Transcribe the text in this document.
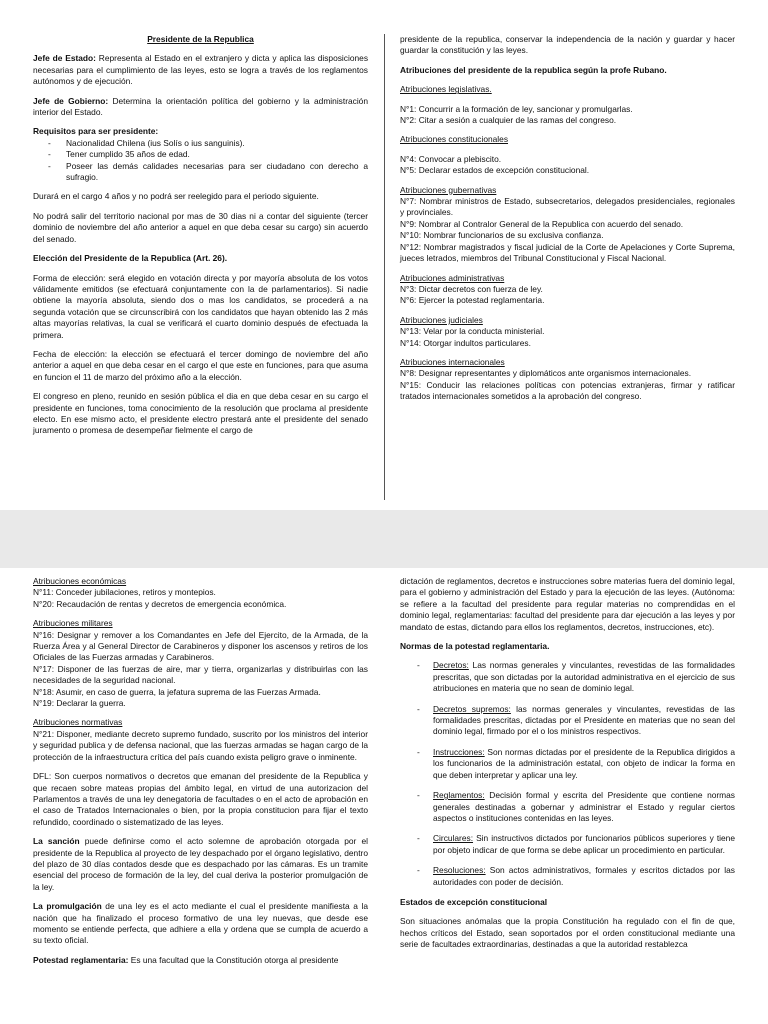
Presidente de la Republica

Jefe de Estado: Representa al Estado en el extranjero y dicta y aplica las disposiciones necesarias para el cumplimiento de las leyes, esto se logra a través de los reglamentos autónomos y de ejecución.

Jefe de Gobierno: Determina la orientación política del gobierno y la administración interior del Estado.

Requisitos para ser presidente:
- Nacionalidad Chilena (ius Solís o ius sanguinis).
- Tener cumplido 35 años de edad.
- Poseer las demás calidades necesarias para ser ciudadano con derecho a sufragio.

Durará en el cargo 4 años y no podrá ser reelegido para el periodo siguiente.

No podrá salir del territorio nacional por mas de 30 dias ni a contar del siguiente (tercer dominio de noviembre del año anterior a aquel en que deba cesar su cargo) sin acuerdo del senado.

Elección del Presidente de la Republica (Art. 26).

Forma de elección: será elegido en votación directa y por mayoría absoluta de los votos válidamente emitidos (se efectuará conjuntamente con la de parlamentarios). Si nadie obtiene la mayoría absoluta, siendo dos o mas los candidatos, se procederá a na segunda votación que se circunscribirá con los candidatos que hayan obtenido las 2 más altas mayorías relativas, la cual se verificará el cuarto dominio después de efectuada la primera.

Fecha de elección: la elección se efectuará el tercer domingo de noviembre del año anterior a aquel en que deba cesar en el cargo el que este en funciones, para que asuma en funcion el 11 de marzo del próximo año a la elección.

El congreso en pleno, reunido en sesión pública el dia en que deba cesar en su cargo el presidente en funciones, toma conocimiento de la resolución que proclama al presidente electo. En ese mismo acto, el presidente electro prestará ante el presidente del senado juramento o promesa de desempeñar fielmente el cargo de

presidente de la republica, conservar la independencia de la nación y guardar y hacer guardar la constitución y las leyes.

Atribuciones del presidente de la republica según la profe Rubano.

Atribuciones legislativas.

N°1: Concurrir a la formación de ley, sancionar y promulgarlas.

N°2: Citar a sesión a cualquier de las ramas del congreso.

Atribuciones constitucionales

N°4: Convocar a plebiscito.

N°5: Declarar estados de excepción constitucional.

Atribuciones gubernativas
N°7: Nombrar ministros de Estado, subsecretarios, delegados presidenciales, regionales y provinciales.
N°9: Nombrar al Contralor General de la Republica con acuerdo del senado.
N°10: Nombrar funcionarios de su exclusiva confianza.

N°12: Nombrar magistrados y fiscal judicial de la Corte de Apelaciones y Corte Suprema, jueces letrados, miembros del Tribunal Constitucional y Fiscal Nacional.

Atribuciones administrativas
N°3: Dictar decretos con fuerza de ley.

N°6: Ejercer la potestad reglamentaria.

Atribuciones judiciales
N°13: Velar por la conducta ministerial.

N°14: Otorgar indultos particulares.

Atribuciones internacionales
N°8: Designar representantes y diplomáticos ante organismos internacionales.

N°15: Conducir las relaciones políticas con potencias extranjeras, firmar y ratificar tratados internacionales sometidos a la aprobación del congreso.

Atribuciones económicas
N°11: Conceder jubilaciones, retiros y montepios.

N°20: Recaudación de rentas y decretos de emergencia económica.

Atribuciones militares
N°16: Designar y remover a los Comandantes en Jefe del Ejercito, de la Armada, de la Ruerza Área y al General Director de Carabineros y disponer los ascensos y retiros de los Oficiales de las Fuerzas armadas y Carabineros.
N°17: Disponer de las fuerzas de aire, mar y tierra, organizarlas y distribuirlas con las necesidades de la seguridad nacional.
N°18: Asumir, en caso de guerra, la jefatura suprema de las Fuerzas Armada.

N°19: Declarar la guerra.

Atribuciones normativas

N°21: Disponer, mediante decreto supremo fundado, suscrito por los ministros del interior y seguridad publica y de defensa nacional, que las fuerzas armadas se hagan cargo de la protección de la infraestructura crítica del país cuando exista peligro grave o inminente.

DFL: Son cuerpos normativos o decretos que emanan del presidente de la Republica y que recaen sobre mateas propias del ámbito legal, en virtud de una autorizacion del Parlamentos a través de una ley denegatoria de facultades o en el acto de aprobación en el caso de Tratados Internacionales o bien, por la propia constitucion para fijar el texto refundido, coordinado o sistematizado de las leyes.

La sanción puede definirse como el acto solemne de aprobación otorgada por el presidente de la Republica al proyecto de ley despachado por el órgano legislativo, dentro del plazo de 30 días contados desde que es despachado por las cámaras. Es un tramite esencial del proceso de formación de la ley, del cual deriva la posterior promulgación de la ley.

La promulgación de una ley es el acto mediante el cual el presidente manifiesta a la nación que ha finalizado el proceso formativo de una ley nuevas, que desde ese momento se entiende perfecta, que adhiere a ella y ordena que se cumpla de acuerdo a su texto oficial.

Potestad reglamentaria: Es una facultad que la Constitución otorga al presidente

dictación de reglamentos, decretos e instrucciones sobre materias fuera del dominio legal, para el gobierno y administración del Estado y para la ejecución de las leyes. (Autónoma: se refiere a la facultad del presidente para regular materias no comprendidas en el dominio legal, reglamentarias: facultad del presidente para dar ejecución a las leyes y por mandato de estas, dictando para ellos los reglamentos, decretos, instrucciones, etc).

Normas de la potestad reglamentaria.

- Decretos: Las normas generales y vinculantes, revestidas de las formalidades prescritas, que son dictadas por la autoridad administrativa en el ejercicio de sus atribuciones en materia que no sean de dominio legal.
- Decretos supremos: las normas generales y vinculantes, revestidas de las formalidades prescritas, dictadas por el Presidente en materias que no sean del dominio legal, firmado por el o los ministros respectivos.
- Instrucciones: Son normas dictadas por el presidente de la Republica dirigidos a los funcionarios de la administración estatal, con objeto de indicar la forma en que deben interpretar y aplicar una ley.
- Reglamentos: Decisión formal y escrita del Presidente que contiene normas generales destinadas a gobernar y administrar el Estado y regular ciertos aspectos o instituciones contenidas en las leyes.
- Circulares: Sin instructivos dictados por funcionarios públicos superiores y tiene por objeto indicar de que forma se debe aplicar un procedimiento en particular.
- Resoluciones: Son actos administrativos, formales y escritos dictados por las autoridades con poder de decisión.

Estados de excepción constitucional

Son situaciones anómalas que la propia Constitución ha regulado con el fin de que, hechos críticos del Estado, sean soportados por el orden constitucional mediante una serie de facultades extraordinarias, destinadas a que la autoridad restablezca
